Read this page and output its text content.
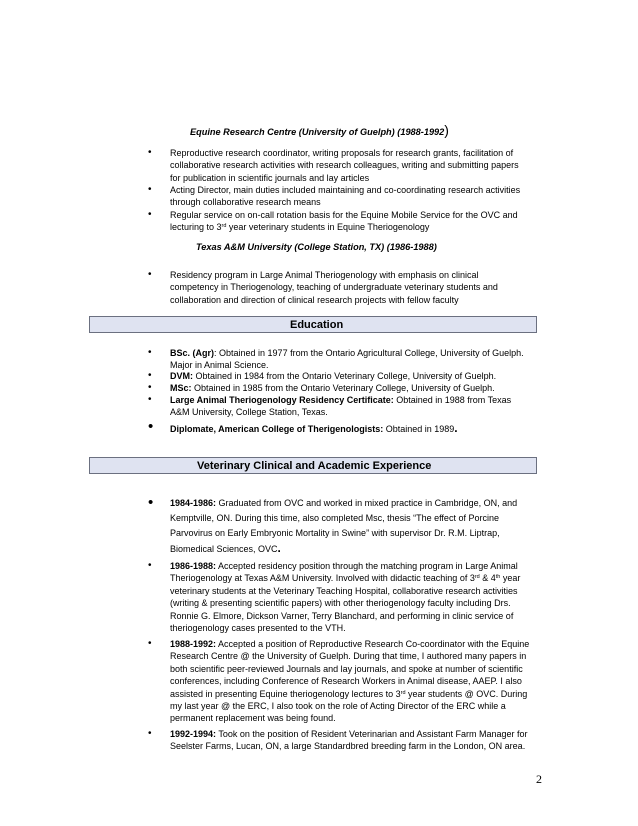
Equine Research Centre (University of Guelph) (1988-1992)
• Reproductive research coordinator, writing proposals for research grants, facilitation of
collaborative research activities with research colleagues, writing and submitting papers
for publication in scientific journals and lay articles
• Acting Director, main duties included maintaining and co-coordinating research activities
through collaborative research means
• Regular service on on-call rotation basis for the Equine Mobile Service for the OVC and
lecturing to 3rd year veterinary students in Equine Theriogenology
Texas A&M University (College Station, TX) (1986-1988)
• Residency program in Large Animal Theriogenology with emphasis on clinical
competency in Theriogenology, teaching of undergraduate veterinary students and
collaboration and direction of clinical research projects with fellow faculty
Education
• BSc. (Agr): Obtained in 1977 from the Ontario Agricultural College, University of Guelph.
Major in Animal Science.
• DVM: Obtained in 1984 from the Ontario Veterinary College, University of Guelph.
• MSc: Obtained in 1985 from the Ontario Veterinary College, University of Guelph.
• Large Animal Theriogenology Residency Certificate: Obtained in 1988 from Texas
A&M University, College Station, Texas.
• Diplomate, American College of Therigenologists: Obtained in 1989.
Veterinary Clinical and Academic Experience
• 1984-1986: Graduated from OVC and worked in mixed practice in Cambridge, ON, and
Kemptville, ON. During this time, also completed Msc, thesis “The effect of Porcine
Parvovirus on Early Embryonic Mortality in Swine” with supervisor Dr. R.M. Liptrap,
Biomedical Sciences, OVC.
• 1986-1988: Accepted residency position through the matching program in Large Animal
Theriogenology at Texas A&M University. Involved with didactic teaching of 3rd & 4th year
veterinary students at the Veterinary Teaching Hospital, collaborative research activities
(writing & presenting scientific papers) with other theriogenology faculty including Drs.
Ronnie G. Elmore, Dickson Varner, Terry Blanchard, and performing in clinic service of
theriogenology cases presented to the VTH.
• 1988-1992: Accepted a position of Reproductive Research Co-coordinator with the Equine
Research Centre @ the University of Guelph. During that time, I authored many papers in
both scientific peer-reviewed Journals and lay journals, and spoke at number of scientific
conferences, including Conference of Research Workers in Animal disease, AAEP. I also
assisted in presenting Equine theriogenology lectures to 3rd year students @ OVC. During
my last year @ the ERC, I also took on the role of Acting Director of the ERC while a
permanent replacement was being found.
• 1992-1994: Took on the position of Resident Veterinarian and Assistant Farm Manager for
Seelster Farms, Lucan, ON, a large Standardbred breeding farm in the London, ON area.
2
